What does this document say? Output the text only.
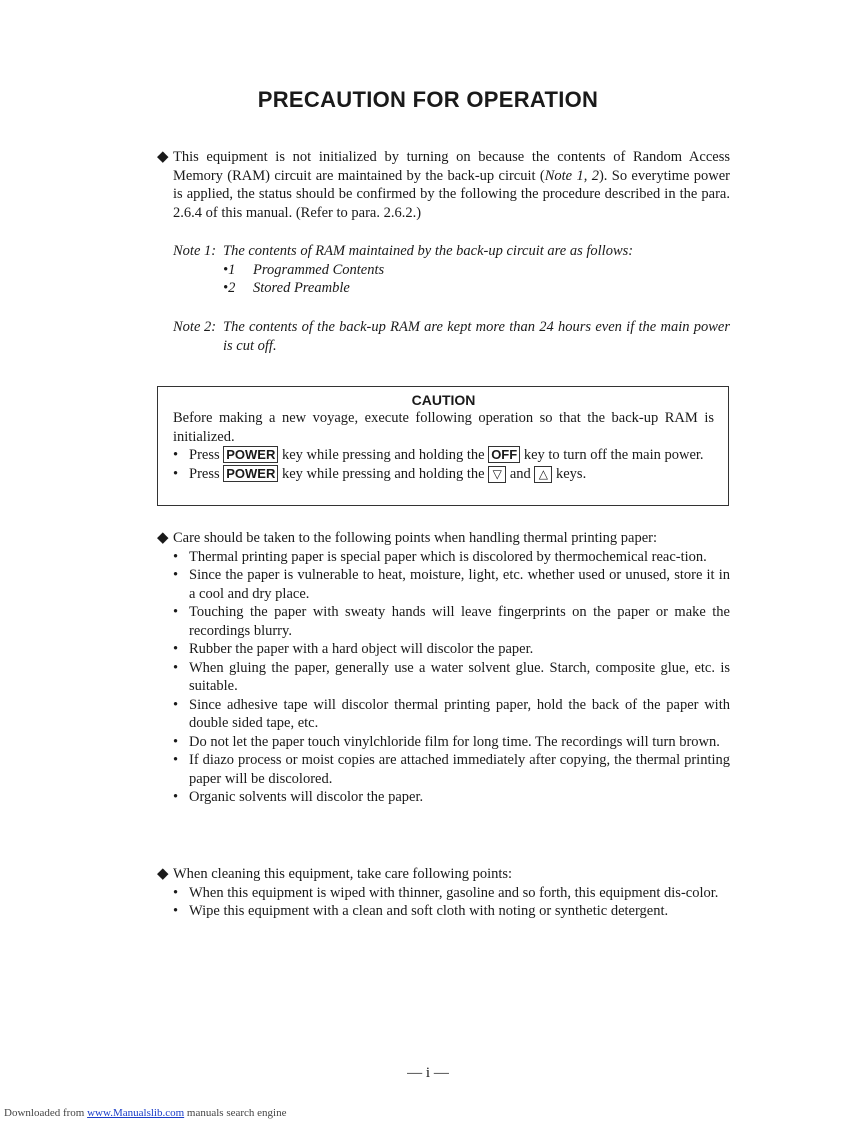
PRECAUTION FOR OPERATION
◆ This equipment is not initialized by turning on because the contents of Random Access Memory (RAM) circuit are maintained by the back-up circuit (Note 1, 2). So everytime power is applied, the status should be confirmed by the following the procedure described in the para. 2.6.4 of this manual. (Refer to para. 2.6.2.)
Note 1: The contents of RAM maintained by the back-up circuit are as follows:
•1 Programmed Contents
•2 Stored Preamble
Note 2: The contents of the back-up RAM are kept more than 24 hours even if the main power is cut off.
CAUTION
Before making a new voyage, execute following operation so that the back-up RAM is initialized.
• Press POWER key while pressing and holding the OFF key to turn off the main power.
• Press POWER key while pressing and holding the ▽ and △ keys.
◆ Care should be taken to the following points when handling thermal printing paper:
• Thermal printing paper is special paper which is discolored by thermochemical reac-tion.
• Since the paper is vulnerable to heat, moisture, light, etc. whether used or unused, store it in a cool and dry place.
• Touching the paper with sweaty hands will leave fingerprints on the paper or make the recordings blurry.
• Rubber the paper with a hard object will discolor the paper.
• When gluing the paper, generally use a water solvent glue. Starch, composite glue, etc. is suitable.
• Since adhesive tape will discolor thermal printing paper, hold the back of the paper with double sided tape, etc.
• Do not let the paper touch vinylchloride film for long time. The recordings will turn brown.
• If diazo process or moist copies are attached immediately after copying, the thermal printing paper will be discolored.
• Organic solvents will discolor the paper.
◆ When cleaning this equipment, take care following points:
• When this equipment is wiped with thinner, gasoline and so forth, this equipment dis-color.
• Wipe this equipment with a clean and soft cloth with noting or synthetic detergent.
— i —
Downloaded from www.Manualslib.com manuals search engine
